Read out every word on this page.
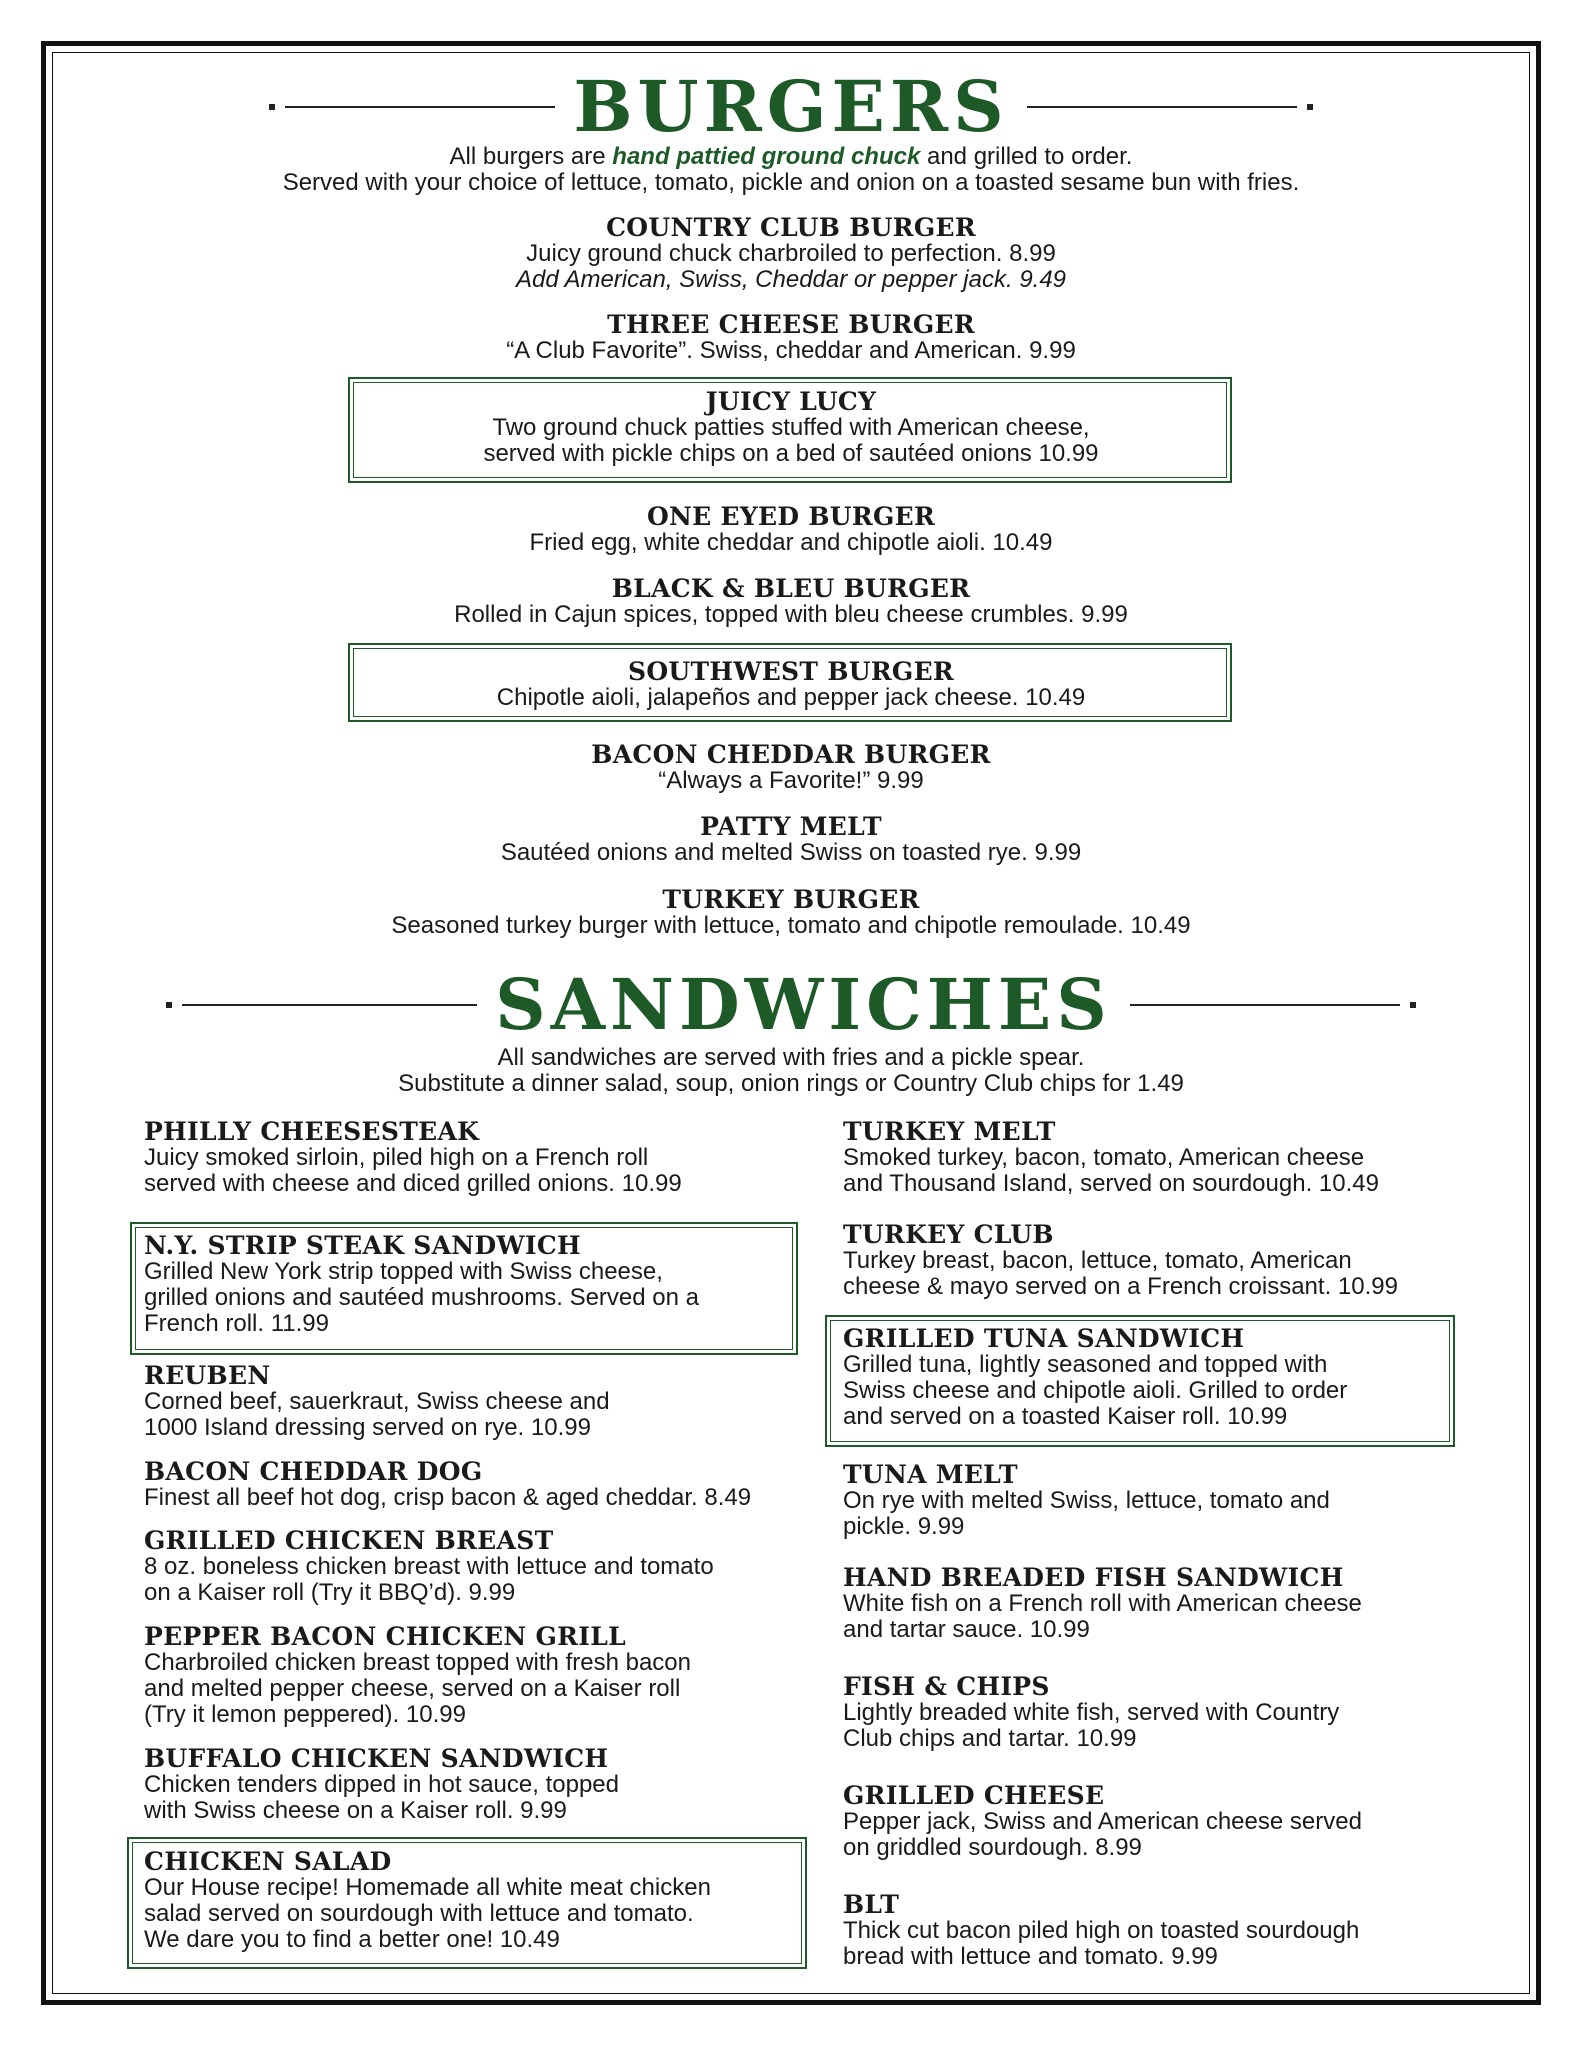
BURGERS
All burgers are hand pattied ground chuck and grilled to order.
Served with your choice of lettuce, tomato, pickle and onion on a toasted sesame bun with fries.
COUNTRY CLUB BURGER
Juicy ground chuck charbroiled to perfection. 8.99
Add American, Swiss, Cheddar or pepper jack. 9.49
THREE CHEESE BURGER
“A Club Favorite”. Swiss, cheddar and American. 9.99
JUICY LUCY
Two ground chuck patties stuffed with American cheese,
served with pickle chips on a bed of sautéed onions 10.99
ONE EYED BURGER
Fried egg, white cheddar and chipotle aioli. 10.49
BLACK & BLEU BURGER
Rolled in Cajun spices, topped with bleu cheese crumbles. 9.99
SOUTHWEST BURGER
Chipotle aioli, jalapeños and pepper jack cheese. 10.49
BACON CHEDDAR BURGER
“Always a Favorite!” 9.99
PATTY MELT
Sautéed onions and melted Swiss on toasted rye. 9.99
TURKEY BURGER
Seasoned turkey burger with lettuce, tomato and chipotle remoulade. 10.49
SANDWICHES
All sandwiches are served with fries and a pickle spear.
Substitute a dinner salad, soup, onion rings or Country Club chips for 1.49
PHILLY CHEESESTEAK
Juicy smoked sirloin, piled high on a French roll
served with cheese and diced grilled onions. 10.99
N.Y. STRIP STEAK SANDWICH
Grilled New York strip topped with Swiss cheese,
grilled onions and sautéed mushrooms. Served on a
French roll. 11.99
REUBEN
Corned beef, sauerkraut, Swiss cheese and
1000 Island dressing served on rye. 10.99
BACON CHEDDAR DOG
Finest all beef hot dog, crisp bacon & aged cheddar. 8.49
GRILLED CHICKEN BREAST
8 oz. boneless chicken breast with lettuce and tomato
on a Kaiser roll (Try it BBQ’d). 9.99
PEPPER BACON CHICKEN GRILL
Charbroiled chicken breast topped with fresh bacon
and melted pepper cheese, served on a Kaiser roll
(Try it lemon peppered). 10.99
BUFFALO CHICKEN SANDWICH
Chicken tenders dipped in hot sauce, topped
with Swiss cheese on a Kaiser roll. 9.99
CHICKEN SALAD
Our House recipe! Homemade all white meat chicken
salad served on sourdough with lettuce and tomato.
We dare you to find a better one! 10.49
TURKEY MELT
Smoked turkey, bacon, tomato, American cheese
and Thousand Island, served on sourdough. 10.49
TURKEY CLUB
Turkey breast, bacon, lettuce, tomato, American
cheese & mayo served on a French croissant. 10.99
GRILLED TUNA SANDWICH
Grilled tuna, lightly seasoned and topped with
Swiss cheese and chipotle aioli. Grilled to order
and served on a toasted Kaiser roll. 10.99
TUNA MELT
On rye with melted Swiss, lettuce, tomato and
pickle. 9.99
HAND BREADED FISH SANDWICH
White fish on a French roll with American cheese
and tartar sauce. 10.99
FISH & CHIPS
Lightly breaded white fish, served with Country
Club chips and tartar. 10.99
GRILLED CHEESE
Pepper jack, Swiss and American cheese served
on griddled sourdough. 8.99
BLT
Thick cut bacon piled high on toasted sourdough
bread with lettuce and tomato. 9.99
